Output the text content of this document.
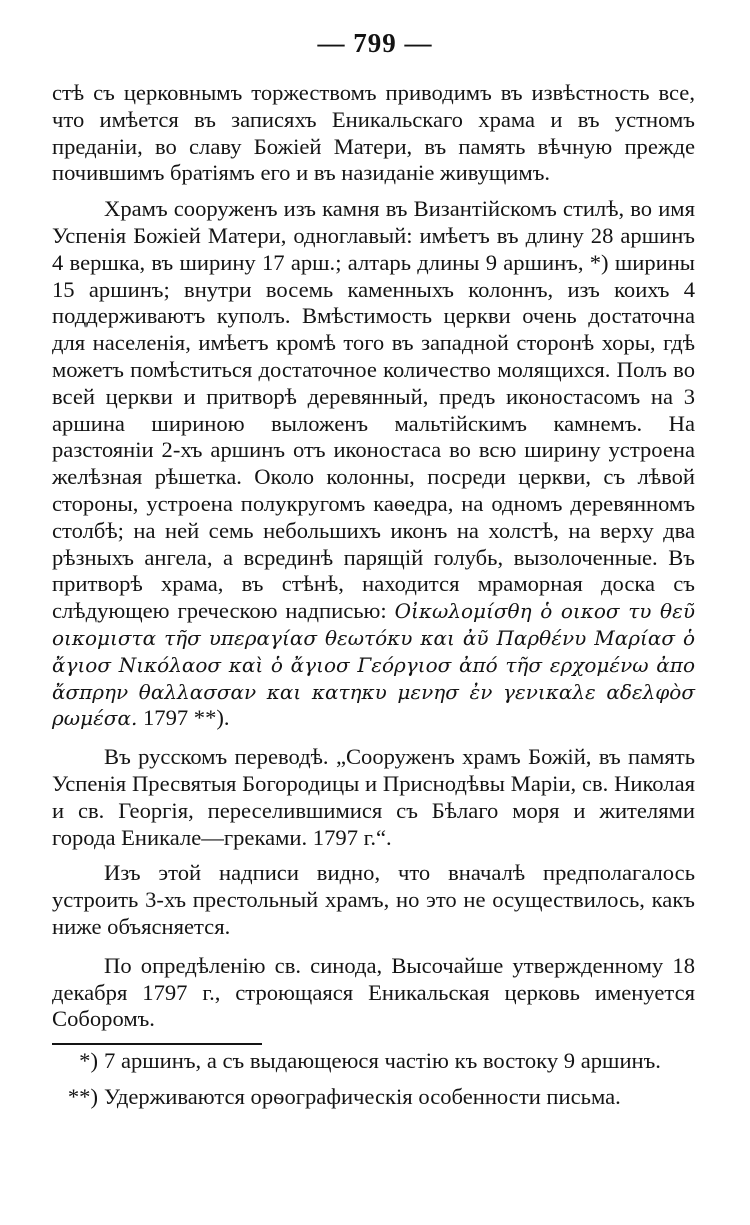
— 799 —

стѣ съ церковнымъ торжествомъ приводимъ въ извѣстность все, что имѣется въ записяхъ Еникальскаго храма и въ устномъ преданіи, во славу Божіей Матери, въ память вѣчную прежде почившимъ братіямъ его и въ назиданіе живущимъ.

Храмъ сооруженъ изъ камня въ Византійскомъ стилѣ, во имя Успенія Божіей Матери, одноглавый: имѣетъ въ длину 28 аршинъ 4 вершка, въ ширину 17 арш.; алтарь длины 9 аршинъ, *) ширины 15 аршинъ; внутри восемь каменныхъ колоннъ, изъ коихъ 4 поддерживаютъ куполъ. Вмѣстимость церкви очень достаточна для населенія, имѣетъ кромѣ того въ западной сторонѣ хоры, гдѣ можетъ помѣститься достаточное количество молящихся. Полъ во всей церкви и притворѣ деревянный, предъ иконостасомъ на 3 аршина шириною выложенъ мальтійскимъ камнемъ. На разстояніи 2-хъ аршинъ отъ иконостаса во всю ширину устроена желѣзная рѣшетка. Около колонны, посреди церкви, съ лѣвой стороны, устроена полукругомъ каѳедра, на одномъ деревянномъ столбѣ; на ней семь небольшихъ иконъ на холстѣ, на верху два рѣзныхъ ангела, а всрединѣ парящій голубь, вызолоченные. Въ притворѣ храма, въ стѣнѣ, находится мраморная доска съ слѣдующею греческою надписью: Οἰκωλομίσθη ὁ οικοσ τυ θεῦ οικομιστα τῆσ υπεραγίασ θεωτόκυ και ἀῦ Παρθένυ Μαρίασ ὁ ἄγιοσ Νικόλαοσ καὶ ὁ ἄγιοσ Γεόργιοσ ἀπό τη̃σ ερχομένω ἀπο ἄσπρην θαλλασσαν και κατηκυ μενησ ἐν γενικαλε αδελφὸσ ρωμέσα. 1797 **).

Въ русскомъ переводѣ. „Сооруженъ храмъ Божій, въ память Успенія Пресвятыя Богородицы и Приснодѣвы Маріи, св. Николая и св. Георгія, переселившимися съ Бѣлаго моря и жителями города Еникале—греками. 1797 г.“.

Изъ этой надписи видно, что вначалѣ предполагалось устроить 3-хъ престольный храмъ, но это не осуществилось, какъ ниже объясняется.

По опредѣленію св. синода, Высочайше утвержденному 18 декабря 1797 г., строющаяся Еникальская церковь именуется Соборомъ.

*) 7 аршинъ, а съ выдающеюся частію къ востоку 9 аршинъ.

**) Удерживаются орѳографическія особенности письма.
